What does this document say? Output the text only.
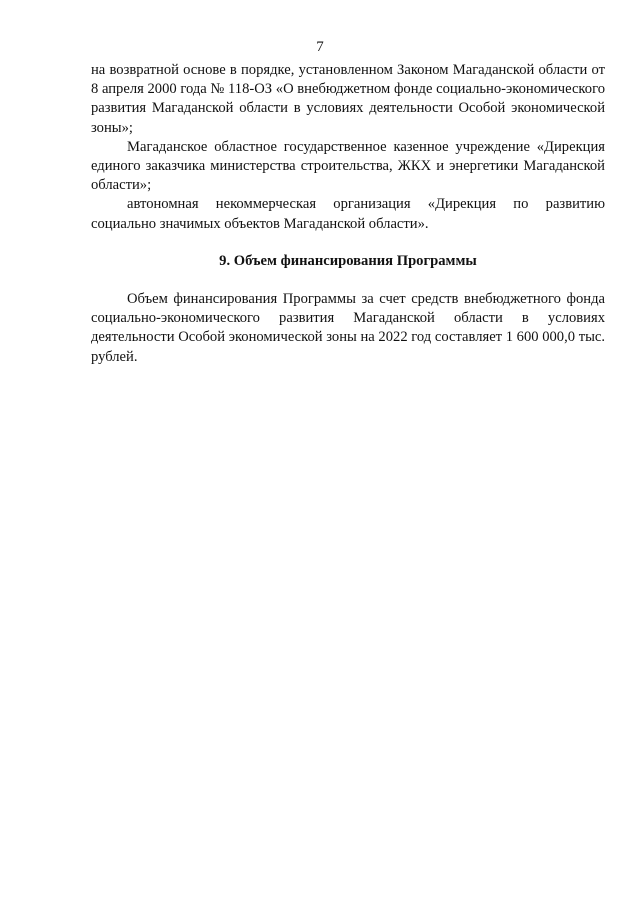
7

на возвратной основе в порядке, установленном Законом Магаданской области от 8 апреля 2000 года № 118-ОЗ «О внебюджетном фонде социально-экономического развития Магаданской области в условиях деятельности Особой экономической зоны»;

Магаданское областное государственное казенное учреждение «Дирекция единого заказчика министерства строительства, ЖКХ и энергетики Магаданской области»;

автономная некоммерческая организация «Дирекция по развитию социально значимых объектов Магаданской области».

9. Объем финансирования Программы

Объем финансирования Программы за счет средств внебюджетного фонда социально-экономического развития Магаданской области в условиях деятельности Особой экономической зоны на 2022 год составляет 1 600 000,0 тыс. рублей.
